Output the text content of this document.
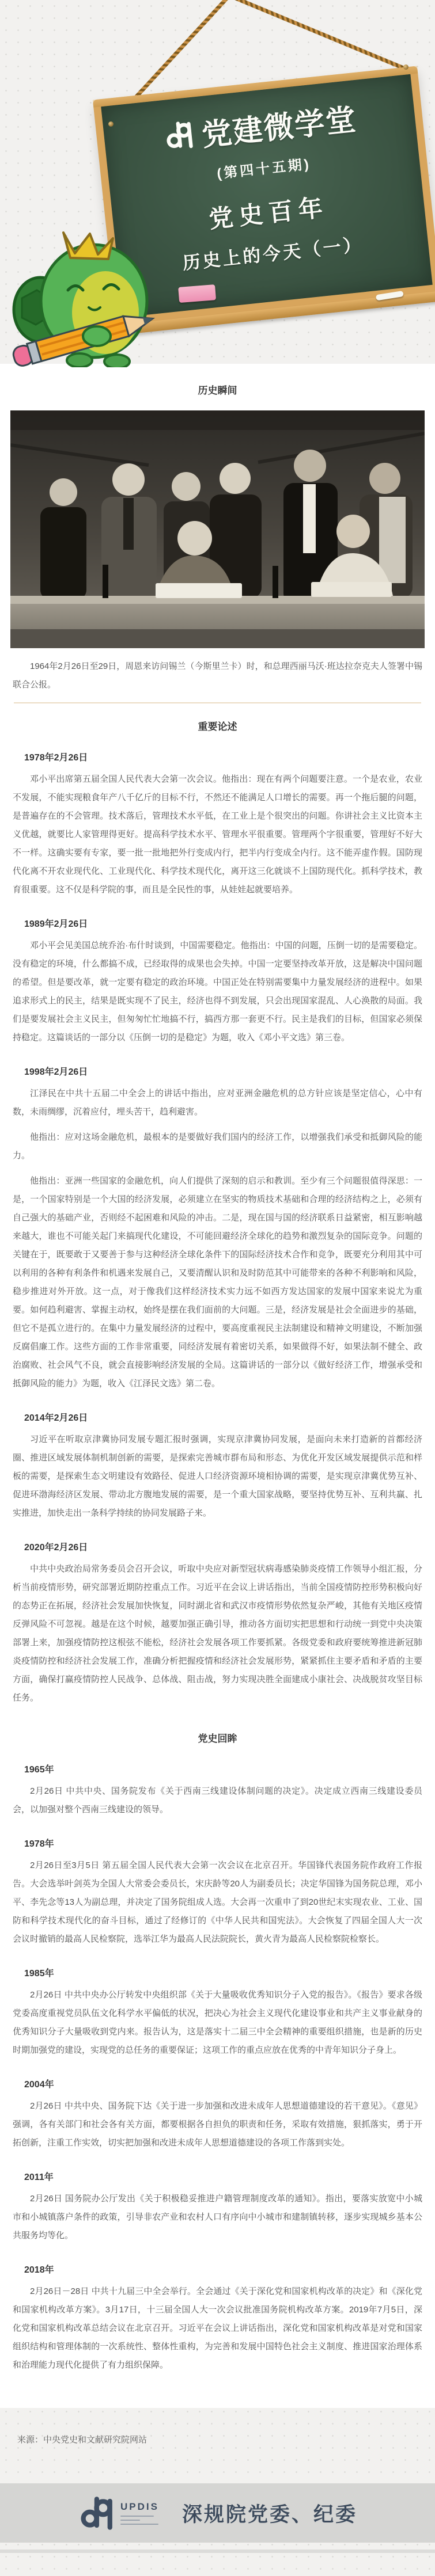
党建微学堂
(第四十五期)
党史百年
历史上的今天（一）
历史瞬间

1964年2月26日至29日，周恩来访问锡兰（今斯里兰卡）时，和总理西丽马沃·班达拉奈克夫人签署中锡联合公报。

重要论述
1978年2月26日

邓小平出席第五届全国人民代表大会第一次会议。他指出：现在有两个问题要注意。一个是农业，农业不发展，不能实现粮食年产八千亿斤的目标不行，不然还不能满足人口增长的需要。再一个拖后腿的问题，是普遍存在的不会管理。技术落后，管理技术水平低，在工业上是个很突出的问题。你讲社会主义比资本主义优越，就要比人家管理得更好。提高科学技术水平、管理水平很重要。管理两个字很重要，管理好不好大不一样。这确实要有专家，要一批一批地把外行变成内行，把半内行变成全内行。这不能弄虚作假。国防现代化离不开农业现代化、工业现代化、科学技术现代化，离开这三化就谈不上国防现代化。抓科学技术，教育很重要。这不仅是科学院的事，而且是全民性的事，从娃娃起就要培养。

1989年2月26日

邓小平会见美国总统乔治·布什时谈到，中国需要稳定。他指出：中国的问题，压倒一切的是需要稳定。没有稳定的环境，什么都搞不成，已经取得的成果也会失掉。中国一定要坚持改革开放，这是解决中国问题的希望。但是要改革，就一定要有稳定的政治环境。中国正处在特别需要集中力量发展经济的进程中。如果追求形式上的民主，结果是既实现不了民主，经济也得不到发展，只会出现国家混乱、人心涣散的局面。我们是要发展社会主义民主，但匆匆忙忙地搞不行，搞西方那一套更不行。民主是我们的目标，但国家必须保持稳定。这篇谈话的一部分以《压倒一切的是稳定》为题，收入《邓小平文选》第三卷。

1998年2月26日

江泽民在中共十五届二中全会上的讲话中指出，应对亚洲金融危机的总方针应该是坚定信心，心中有数，未雨绸缪，沉着应付，埋头苦干，趋利避害。

他指出：应对这场金融危机，最根本的是要做好我们国内的经济工作，以增强我们承受和抵御风险的能力。

他指出：亚洲一些国家的金融危机，向人们提供了深刻的启示和教训。至少有三个问题很值得深思：一是，一个国家特别是一个大国的经济发展，必须建立在坚实的物质技术基础和合理的经济结构之上，必须有自己强大的基础产业，否则经不起困难和风险的冲击。二是，现在国与国的经济联系日益紧密，相互影响越来越大，谁也不可能关起门来搞现代化建设，不可能回避经济全球化的趋势和激烈复杂的国际竞争。问题的关键在于，既要敢于又要善于参与这种经济全球化条件下的国际经济技术合作和竞争，既要充分利用其中可以利用的各种有利条件和机遇来发展自己，又要清醒认识和及时防范其中可能带来的各种不利影响和风险，稳步推进对外开放。这一点，对于像我们这样经济技术实力远不如西方发达国家的发展中国家来说尤为重要。如何趋利避害、掌握主动权，始终是摆在我们面前的大问题。三是，经济发展是社会全面进步的基础，但它不是孤立进行的。在集中力量发展经济的过程中，要高度重视民主法制建设和精神文明建设，不断加强反腐倡廉工作。这些方面的工作非常重要，同经济发展有着密切关系，如果做得不好，如果法制不健全、政治腐败、社会风气不良，就会直接影响经济发展的全局。这篇讲话的一部分以《做好经济工作，增强承受和抵御风险的能力》为题，收入《江泽民文选》第二卷。

2014年2月26日

习近平在听取京津冀协同发展专题汇报时强调，实现京津冀协同发展，是面向未来打造新的首都经济圈、推进区域发展体制机制创新的需要，是探索完善城市群布局和形态、为优化开发区域发展提供示范和样板的需要，是探索生态文明建设有效路径、促进人口经济资源环境相协调的需要，是实现京津冀优势互补、促进环渤海经济区发展、带动北方腹地发展的需要，是一个重大国家战略，要坚持优势互补、互利共赢、扎实推进，加快走出一条科学持续的协同发展路子来。

2020年2月26日

中共中央政治局常务委员会召开会议，听取中央应对新型冠状病毒感染肺炎疫情工作领导小组汇报，分析当前疫情形势，研究部署近期防控重点工作。习近平在会议上讲话指出，当前全国疫情防控形势积极向好的态势正在拓展，经济社会发展加快恢复，同时湖北省和武汉市疫情形势依然复杂严峻，其他有关地区疫情反弹风险不可忽视。越是在这个时候，越要加强正确引导，推动各方面切实把思想和行动统一到党中央决策部署上来，加强疫情防控这根弦不能松，经济社会发展各项工作要抓紧。各级党委和政府要统筹推进新冠肺炎疫情防控和经济社会发展工作，准确分析把握疫情和经济社会发展形势，紧紧抓住主要矛盾和矛盾的主要方面，确保打赢疫情防控人民战争、总体战、阻击战，努力实现决胜全面建成小康社会、决战脱贫攻坚目标任务。

党史回眸
1965年

2月26日 中共中央、国务院发布《关于西南三线建设体制问题的决定》。决定成立西南三线建设委员会，以加强对整个西南三线建设的领导。

1978年

2月26日至3月5日 第五届全国人民代表大会第一次会议在北京召开。华国锋代表国务院作政府工作报告。大会选举叶剑英为全国人大常委会委员长，宋庆龄等20人为副委员长；决定华国锋为国务院总理，邓小平、李先念等13人为副总理，并决定了国务院组成人选。大会再一次重申了到20世纪末实现农业、工业、国防和科学技术现代化的奋斗目标，通过了经修订的《中华人民共和国宪法》。大会恢复了四届全国人大一次会议时撤销的最高人民检察院，选举江华为最高人民法院院长，黄火青为最高人民检察院检察长。

1985年

2月26日 中共中央办公厅转发中央组织部《关于大量吸收优秀知识分子入党的报告》。《报告》要求各级党委高度重视党员队伍文化科学水平偏低的状况，把决心为社会主义现代化建设事业和共产主义事业献身的优秀知识分子大量吸收到党内来。报告认为，这是落实十二届三中全会精神的重要组织措施，也是新的历史时期加强党的建设，实现党的总任务的重要保证；这项工作的重点应放在优秀的中青年知识分子身上。

2004年

2月26日 中共中央、国务院下达《关于进一步加强和改进未成年人思想道德建设的若干意见》。《意见》强调，各有关部门和社会各有关方面，都要根据各自担负的职责和任务，采取有效措施，狠抓落实，勇于开拓创新，注重工作实效，切实把加强和改进未成年人思想道德建设的各项工作落到实处。

2011年

2月26日 国务院办公厅发出《关于积极稳妥推进户籍管理制度改革的通知》。指出，要落实放宽中小城市和小城镇落户条件的政策，引导非农产业和农村人口有序向中小城市和建制镇转移，逐步实现城乡基本公共服务均等化。

2018年

2月26日－28日 中共十九届三中全会举行。全会通过《关于深化党和国家机构改革的决定》和《深化党和国家机构改革方案》。3月17日，十三届全国人大一次会议批准国务院机构改革方案。2019年7月5日，深化党和国家机构改革总结会议在北京召开。习近平在会议上讲话指出，深化党和国家机构改革是对党和国家组织结构和管理体制的一次系统性、整体性重构，为完善和发展中国特色社会主义制度、推进国家治理体系和治理能力现代化提供了有力组织保障。

来源：中央党史和文献研究院网站
UPDIS 深规院党委、纪委
